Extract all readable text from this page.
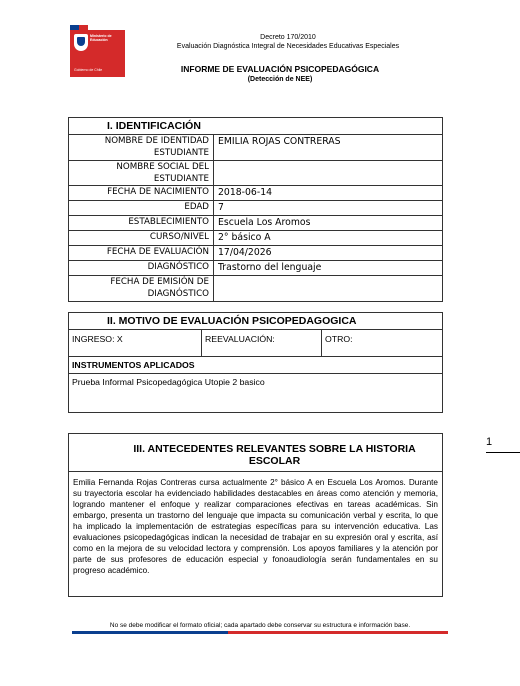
Ministerio de Educación
Gobierno de Chile
Decreto 170/2010
Evaluación Diagnóstica Integral de Necesidades Educativas Especiales
INFORME DE EVALUACIÓN PSICOPEDAGÓGICA
(Detección de NEE)
I. IDENTIFICACIÓN	
NOMBRE DE IDENTIDAD ESTUDIANTE	EMILIA ROJAS CONTRERAS
NOMBRE SOCIAL DEL ESTUDIANTE	
FECHA DE NACIMIENTO	2018-06-14
EDAD	7
ESTABLECIMIENTO	Escuela Los Aromos
CURSO/NIVEL	2° básico A
FECHA DE EVALUACIÓN	17/04/2026
DIAGNÓSTICO	Trastorno del lenguaje
FECHA DE EMISIÓN DE DIAGNÓSTICO	
II. MOTIVO DE EVALUACIÓN PSICOPEDAGOGICA
INGRESO: X	REEVALUACIÓN:	OTRO:
INSTRUMENTOS APLICADOS
Prueba Informal Psicopedagógica Utopie 2 basico
III. ANTECEDENTES RELEVANTES SOBRE LA HISTORIA ESCOLAR
Emilia Fernanda Rojas Contreras cursa actualmente 2° básico A en Escuela Los Aromos. Durante su trayectoria escolar ha evidenciado habilidades destacables en áreas como atención y memoria, logrando mantener el enfoque y realizar comparaciones efectivas en tareas académicas. Sin embargo, presenta un trastorno del lenguaje que impacta su comunicación verbal y escrita, lo que ha implicado la implementación de estrategias específicas para su intervención educativa. Las evaluaciones psicopedagógicas indican la necesidad de trabajar en su expresión oral y escrita, así como en la mejora de su velocidad lectora y comprensión. Los apoyos familiares y la atención por parte de sus profesores de educación especial y fonoaudiología serán fundamentales en su progreso académico.
1
No se debe modificar el formato oficial; cada apartado debe conservar su estructura e información base.
